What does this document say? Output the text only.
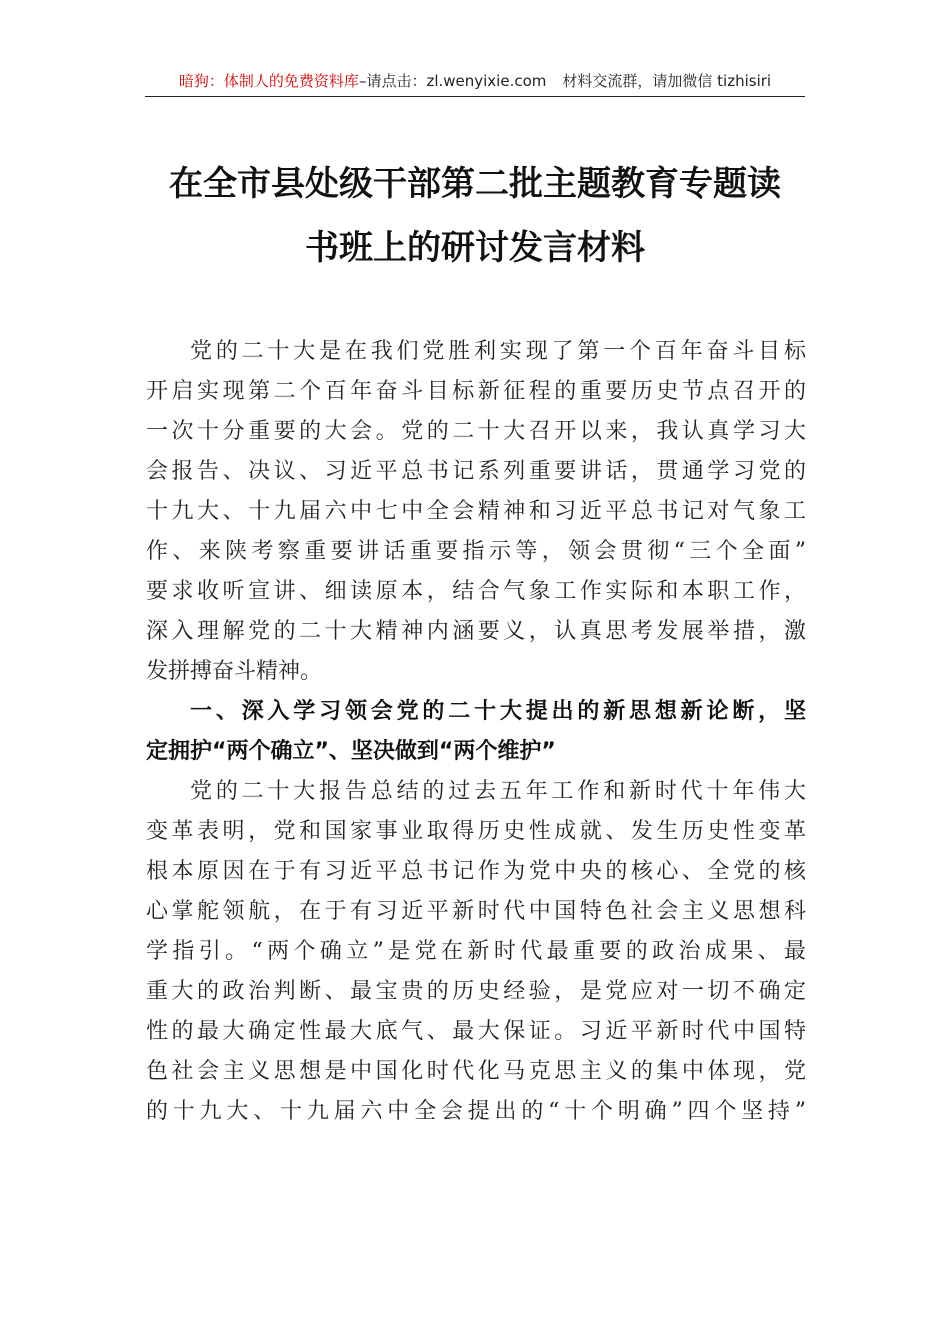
暗狗：体制人的免费资料库–请点击：zl.wenyixie.com 材料交流群，请加微信 tizhisiri
在全市县处级干部第二批主题教育专题读
书班上的研讨发言材料
党的二十大是在我们党胜利实现了第一个百年奋斗目标
开启实现第二个百年奋斗目标新征程的重要历史节点召开的
一次十分重要的大会。党的二十大召开以来，我认真学习大
会报告、决议、习近平总书记系列重要讲话，贯通学习党的
十九大、十九届六中七中全会精神和习近平总书记对气象工
作、来陕考察重要讲话重要指示等，领会贯彻“三个全面”
要求收听宣讲、细读原本，结合气象工作实际和本职工作，
深入理解党的二十大精神内涵要义，认真思考发展举措，激
发拼搏奋斗精神。
一、深入学习领会党的二十大提出的新思想新论断，坚
定拥护“两个确立”、坚决做到“两个维护”
党的二十大报告总结的过去五年工作和新时代十年伟大
变革表明，党和国家事业取得历史性成就、发生历史性变革
根本原因在于有习近平总书记作为党中央的核心、全党的核
心掌舵领航，在于有习近平新时代中国特色社会主义思想科
学指引。“两个确立”是党在新时代最重要的政治成果、最
重大的政治判断、最宝贵的历史经验，是党应对一切不确定
性的最大确定性最大底气、最大保证。习近平新时代中国特
色社会主义思想是中国化时代化马克思主义的集中体现，党
的十九大、十九届六中全会提出的“十个明确”四个坚持”
